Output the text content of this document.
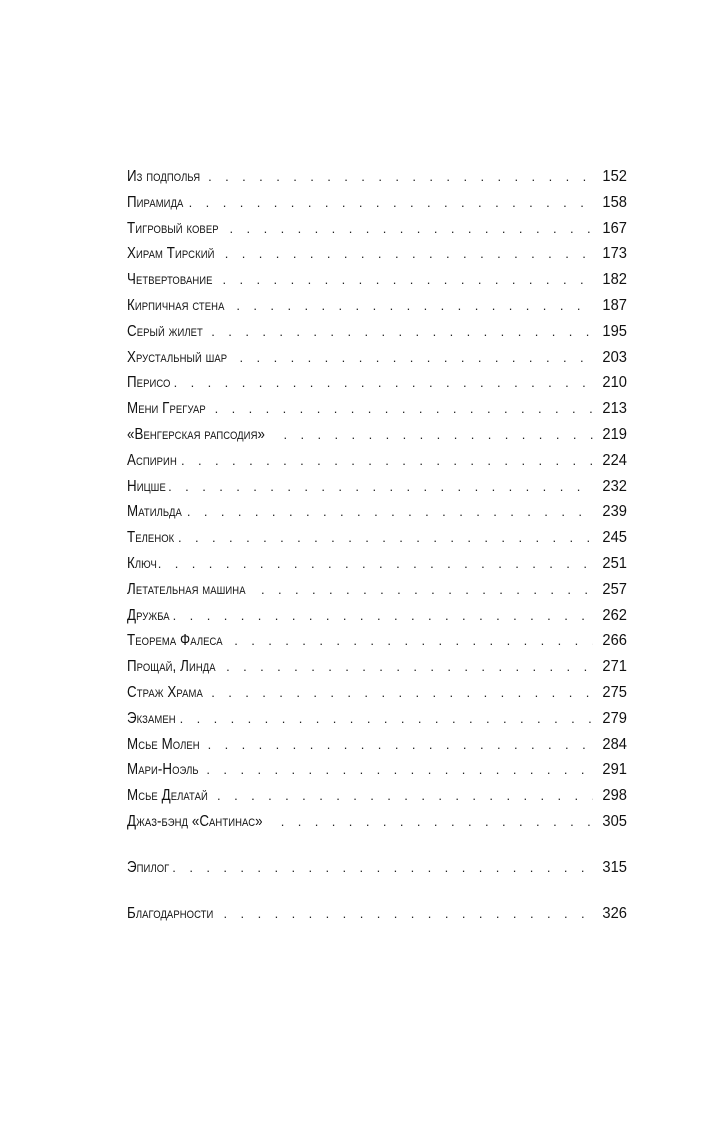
Из подполья . . .	152
Пирамида . . .	158
Тигровый ковер . . .	167
Хирам Тирский . . .	173
Четвертование . . .	182
Кирпичная стена . . .	187
Серый жилет . . .	195
Хрустальный шар . . .	203
Перисо . . .	210
Мени Грегуар . . .	213
«Венгерская рапсодия» . . .	219
Аспирин . . .	224
Ницше . . .	232
Матильда . . .	239
Теленок . . .	245
Ключ . . .	251
Летательная машина . . .	257
Дружба . . .	262
Теорема Фалеса . . .	266
Прощай, Линда . . .	271
Страж Храма . . .	275
Экзамен . . .	279
Мсье Молен . . .	284
Мари-Ноэль . . .	291
Мсье Делатай . . .	298
Джаз-бэнд «Сантинас» . . .	305
Эпилог . . .	315
Благодарности . . .	326
